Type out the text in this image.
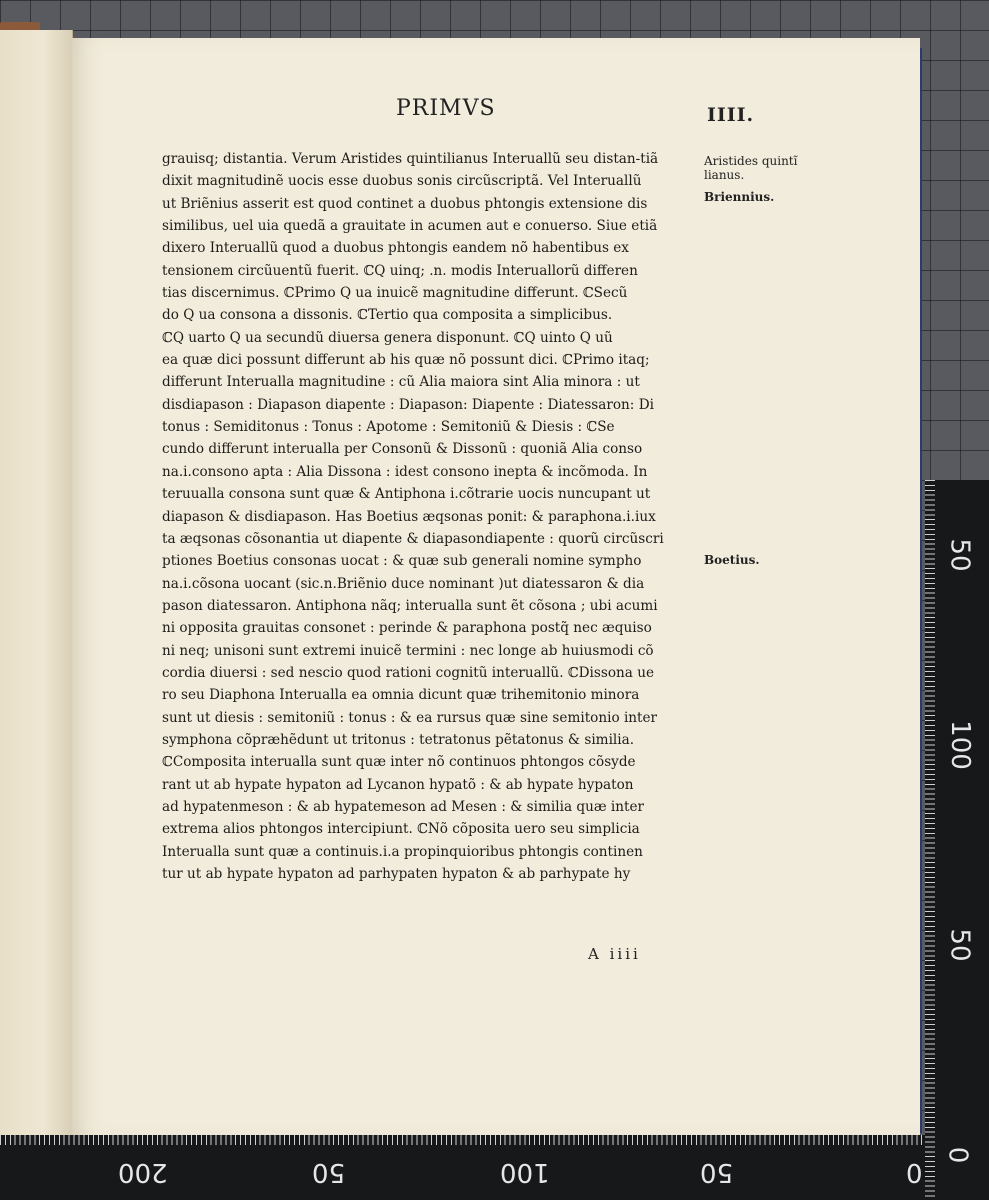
PRIMVS	IIII.
grauisq; distantia. Verum Aristides quintilianus Interuallũ seu distan‑tiã
dixit magnitudinẽ uocis esse duobus sonis circũscriptã. Vel Interuallũ
ut Briẽnius asserit est quod continet a duobus phtongis extensione dis
similibus, uel uia quedã a grauitate in acumen aut e conuerso. Siue etiã
dixero Interuallũ quod a duobus phtongis eandem nõ habentibus ex
tensionem circũuentũ fuerit. ℂQ uinq; .n. modis Interuallorũ differen
tias discernimus. ℂPrimo Q ua inuicẽ magnitudine differunt. ℂSecũ
do Q ua consona a dissonis. ℂTertio qua composita a simplicibus.
ℂQ uarto Q ua secundũ diuersa genera disponunt. ℂQ uinto Q uũ
ea quæ dici possunt differunt ab his quæ nõ possunt dici. ℂPrimo itaq;
differunt Interualla magnitudine : cũ Alia maiora sint Alia minora : ut
disdiapason : Diapason diapente : Diapason: Diapente : Diatessaron: Di
tonus : Semiditonus : Tonus : Apotome : Semitoniũ & Diesis : ℂSe
cundo differunt interualla per Consonũ & Dissonũ : quoniã Alia conso
na.i.consono apta : Alia Dissona : idest consono inepta & incõmoda. In
teruualla consona sunt quæ & Antiphona i.cõtrarie uocis nuncupant ut
diapason & disdiapason. Has Boetius æqsonas ponit: & paraphona.i.iux
ta æqsonas cõsonantia ut diapente & diapasondiapente : quorũ circũscri
ptiones Boetius consonas uocat : & quæ sub generali nomine sympho
na.i.cõsona uocant (sic.n.Briẽnio duce nominant )ut diatessaron & dia
pason diatessaron. Antiphona nãq; interualla sunt ẽt cõsona ; ubi acumi
ni opposita grauitas consonet : perinde & paraphona postq̃ nec æquiso
ni neq; unisoni sunt extremi inuicẽ termini : nec longe ab huiusmodi cõ
cordia diuersi : sed nescio quod rationi cognitũ interuallũ. ℂDissona ue
ro seu Diaphona Interualla ea omnia dicunt quæ trihemitonio minora
sunt ut diesis : semitoniũ : tonus : & ea rursus quæ sine semitonio inter
symphona cõpræhẽdunt ut tritonus : tetratonus pẽtatonus & similia.
ℂComposita interualla sunt quæ inter nõ continuos phtongos cõsyde
rant ut ab hypate hypaton ad Lycanon hypatõ : & ab hypate hypaton
ad hypatenmeson : & ab hypatemeson ad Mesen : & similia quæ inter
extrema alios phtongos intercipiunt. ℂNõ cõposita uero seu simplicia
Interualla sunt quæ a continuis.i.a propinquioribus phtongis continen
tur ut ab hypate hypaton ad parhypaten hypaton & ab parhypate hy
A iiii
Aristides quintĩ
lianus.
Briennius.
Boetius.
200	50	100	50	0
50
100
50
0
